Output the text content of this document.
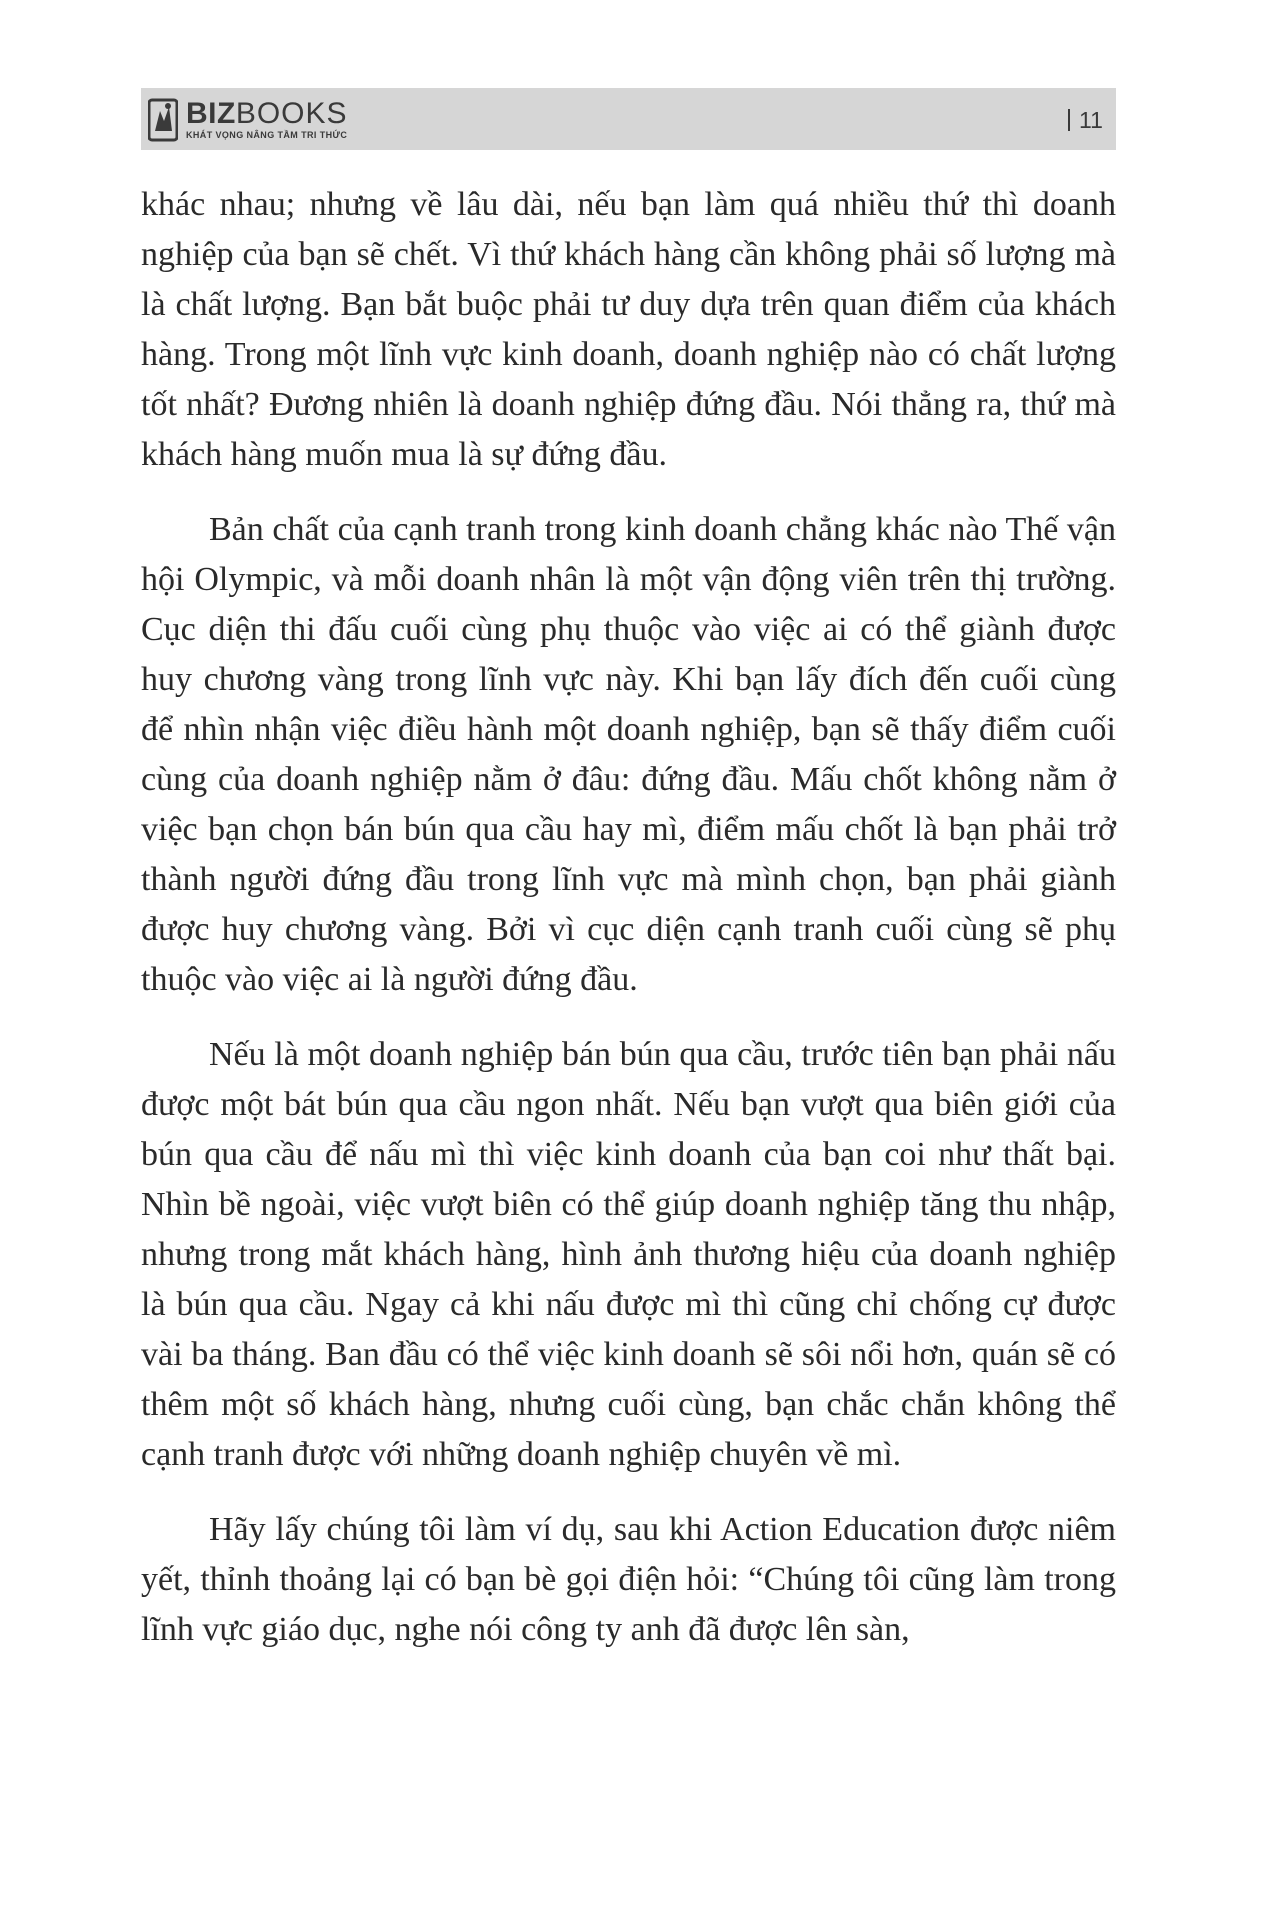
BIZBOOKS
KHÁT VỌNG NÂNG TẦM TRI THỨC
11

khác nhau; nhưng về lâu dài, nếu bạn làm quá nhiều thứ thì doanh nghiệp của bạn sẽ chết. Vì thứ khách hàng cần không phải số lượng mà là chất lượng. Bạn bắt buộc phải tư duy dựa trên quan điểm của khách hàng. Trong một lĩnh vực kinh doanh, doanh nghiệp nào có chất lượng tốt nhất? Đương nhiên là doanh nghiệp đứng đầu. Nói thẳng ra, thứ mà khách hàng muốn mua là sự đứng đầu.

Bản chất của cạnh tranh trong kinh doanh chẳng khác nào Thế vận hội Olympic, và mỗi doanh nhân là một vận động viên trên thị trường. Cục diện thi đấu cuối cùng phụ thuộc vào việc ai có thể giành được huy chương vàng trong lĩnh vực này. Khi bạn lấy đích đến cuối cùng để nhìn nhận việc điều hành một doanh nghiệp, bạn sẽ thấy điểm cuối cùng của doanh nghiệp nằm ở đâu: đứng đầu. Mấu chốt không nằm ở việc bạn chọn bán bún qua cầu hay mì, điểm mấu chốt là bạn phải trở thành người đứng đầu trong lĩnh vực mà mình chọn, bạn phải giành được huy chương vàng. Bởi vì cục diện cạnh tranh cuối cùng sẽ phụ thuộc vào việc ai là người đứng đầu.

Nếu là một doanh nghiệp bán bún qua cầu, trước tiên bạn phải nấu được một bát bún qua cầu ngon nhất. Nếu bạn vượt qua biên giới của bún qua cầu để nấu mì thì việc kinh doanh của bạn coi như thất bại. Nhìn bề ngoài, việc vượt biên có thể giúp doanh nghiệp tăng thu nhập, nhưng trong mắt khách hàng, hình ảnh thương hiệu của doanh nghiệp là bún qua cầu. Ngay cả khi nấu được mì thì cũng chỉ chống cự được vài ba tháng. Ban đầu có thể việc kinh doanh sẽ sôi nổi hơn, quán sẽ có thêm một số khách hàng, nhưng cuối cùng, bạn chắc chắn không thể cạnh tranh được với những doanh nghiệp chuyên về mì.

Hãy lấy chúng tôi làm ví dụ, sau khi Action Education được niêm yết, thỉnh thoảng lại có bạn bè gọi điện hỏi: “Chúng tôi cũng làm trong lĩnh vực giáo dục, nghe nói công ty anh đã được lên sàn,
